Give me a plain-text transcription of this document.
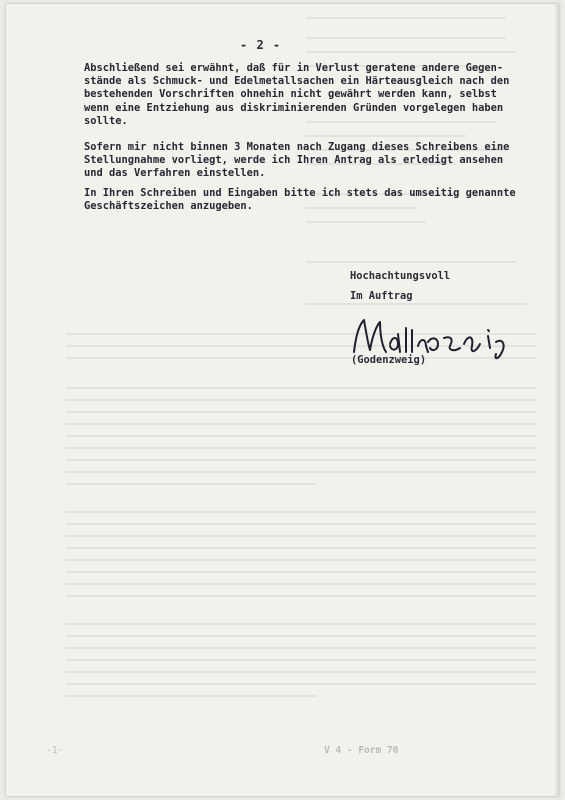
- 2 -
Abschließend sei erwähnt, daß für in Verlust geratene andere Gegen-
stände als Schmuck- und Edelmetallsachen ein Härteausgleich nach den
bestehenden Vorschriften ohnehin nicht gewährt werden kann, selbst
wenn eine Entziehung aus diskriminierenden Gründen vorgelegen haben
sollte.
Sofern mir nicht binnen 3 Monaten nach Zugang dieses Schreibens eine
Stellungnahme vorliegt, werde ich Ihren Antrag als erledigt ansehen
und das Verfahren einstellen.
In Ihren Schreiben und Eingaben bitte ich stets das umseitig genannte
Geschäftszeichen anzugeben.
Hochachtungsvoll
Im Auftrag
(Godenzweig)
-1-	V 4 - Form 70
